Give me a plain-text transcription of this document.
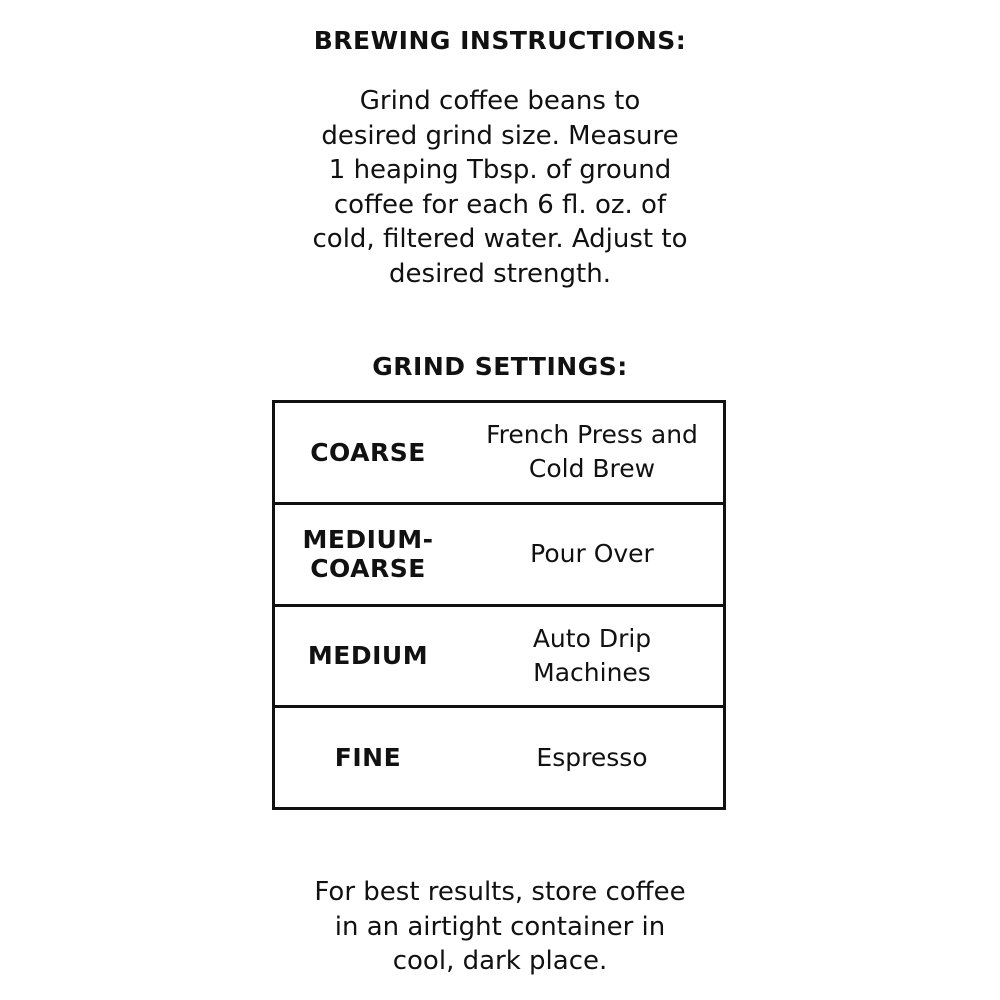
BREWING INSTRUCTIONS:
Grind coffee beans to
desired grind size. Measure
1 heaping Tbsp. of ground
coffee for each 6 fl. oz. of
cold, filtered water. Adjust to
desired strength.
GRIND SETTINGS:
COARSE
French Press and
Cold Brew
MEDIUM-
COARSE
Pour Over
MEDIUM
Auto Drip
Machines
FINE	Espresso
For best results, store coffee
in an airtight container in
cool, dark place.
